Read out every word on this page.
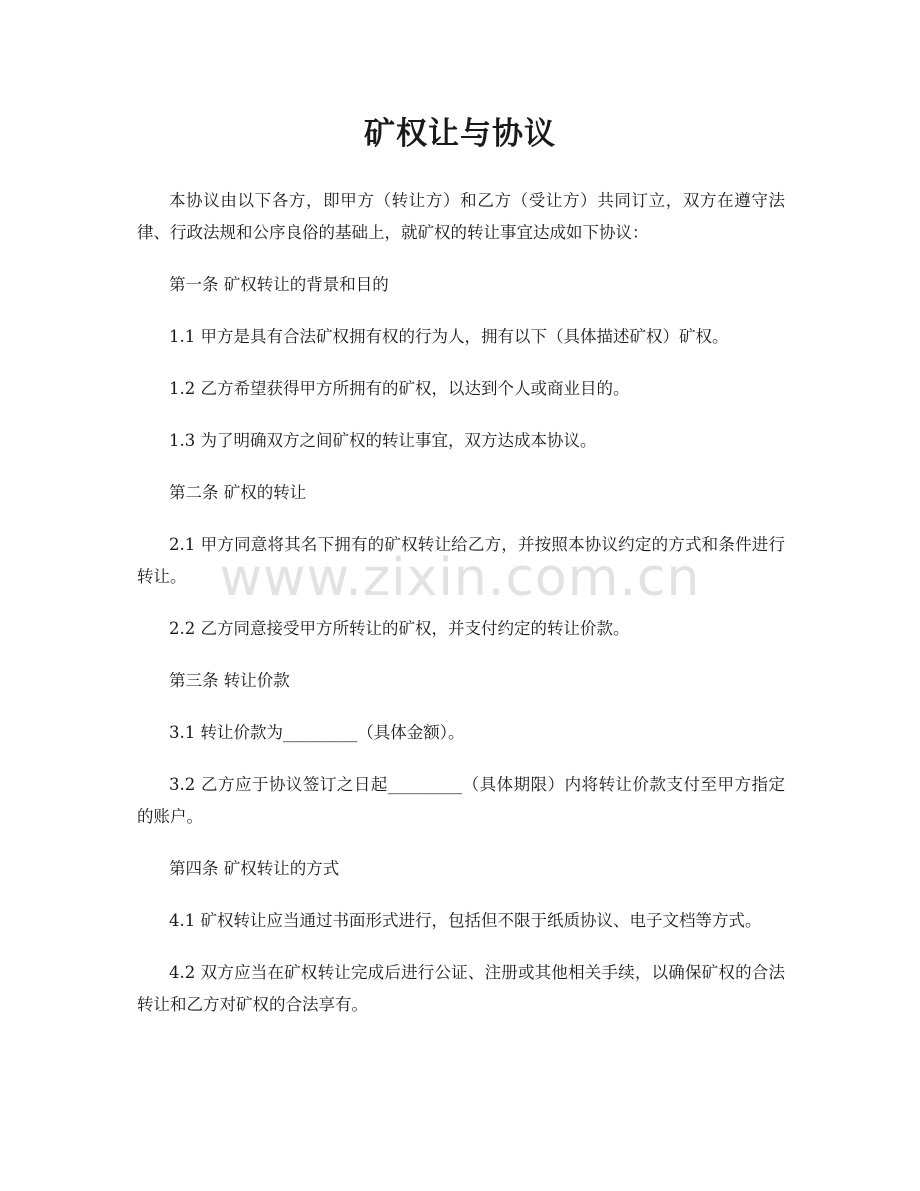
矿权让与协议

本协议由以下各方，即甲方（转让方）和乙方（受让方）共同订立，双方在遵守法律、行政法规和公序良俗的基础上，就矿权的转让事宜达成如下协议：

第一条 矿权转让的背景和目的

1.1 甲方是具有合法矿权拥有权的行为人，拥有以下（具体描述矿权）矿权。

1.2 乙方希望获得甲方所拥有的矿权，以达到个人或商业目的。

1.3 为了明确双方之间矿权的转让事宜，双方达成本协议。

第二条 矿权的转让

2.1 甲方同意将其名下拥有的矿权转让给乙方，并按照本协议约定的方式和条件进行转让。

2.2 乙方同意接受甲方所转让的矿权，并支付约定的转让价款。

第三条 转让价款

3.1 转让价款为_________（具体金额）。

3.2 乙方应于协议签订之日起_________（具体期限）内将转让价款支付至甲方指定的账户。

第四条 矿权转让的方式

4.1 矿权转让应当通过书面形式进行，包括但不限于纸质协议、电子文档等方式。

4.2 双方应当在矿权转让完成后进行公证、注册或其他相关手续，以确保矿权的合法转让和乙方对矿权的合法享有。

www.zixin.com.cn
